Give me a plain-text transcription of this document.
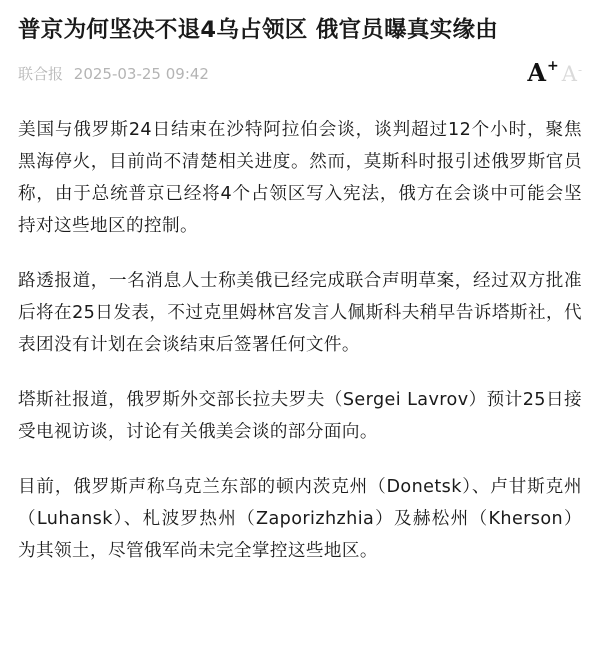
普京为何坚决不退4乌占领区 俄官员曝真实缘由
联合报 2025-03-25 09:42	A+ A-

美国与俄罗斯24日结束在沙特阿拉伯会谈，谈判超过12个小时，聚焦黑海停火，目前尚不清楚相关进度。然而，莫斯科时报引述俄罗斯官员称，由于总统普京已经将4个占领区写入宪法，俄方在会谈中可能会坚持对这些地区的控制。

路透报道，一名消息人士称美俄已经完成联合声明草案，经过双方批准后将在25日发表，不过克里姆林宫发言人佩斯科夫稍早告诉塔斯社，代表团没有计划在会谈结束后签署任何文件。

塔斯社报道，俄罗斯外交部长拉夫罗夫（Sergei Lavrov）预计25日接受电视访谈，讨论有关俄美会谈的部分面向。

目前，俄罗斯声称乌克兰东部的顿内茨克州（Donetsk）、卢甘斯克州（Luhansk）、札波罗热州（Zaporizhzhia）及赫松州（Kherson）为其领土，尽管俄军尚未完全掌控这些地区。
